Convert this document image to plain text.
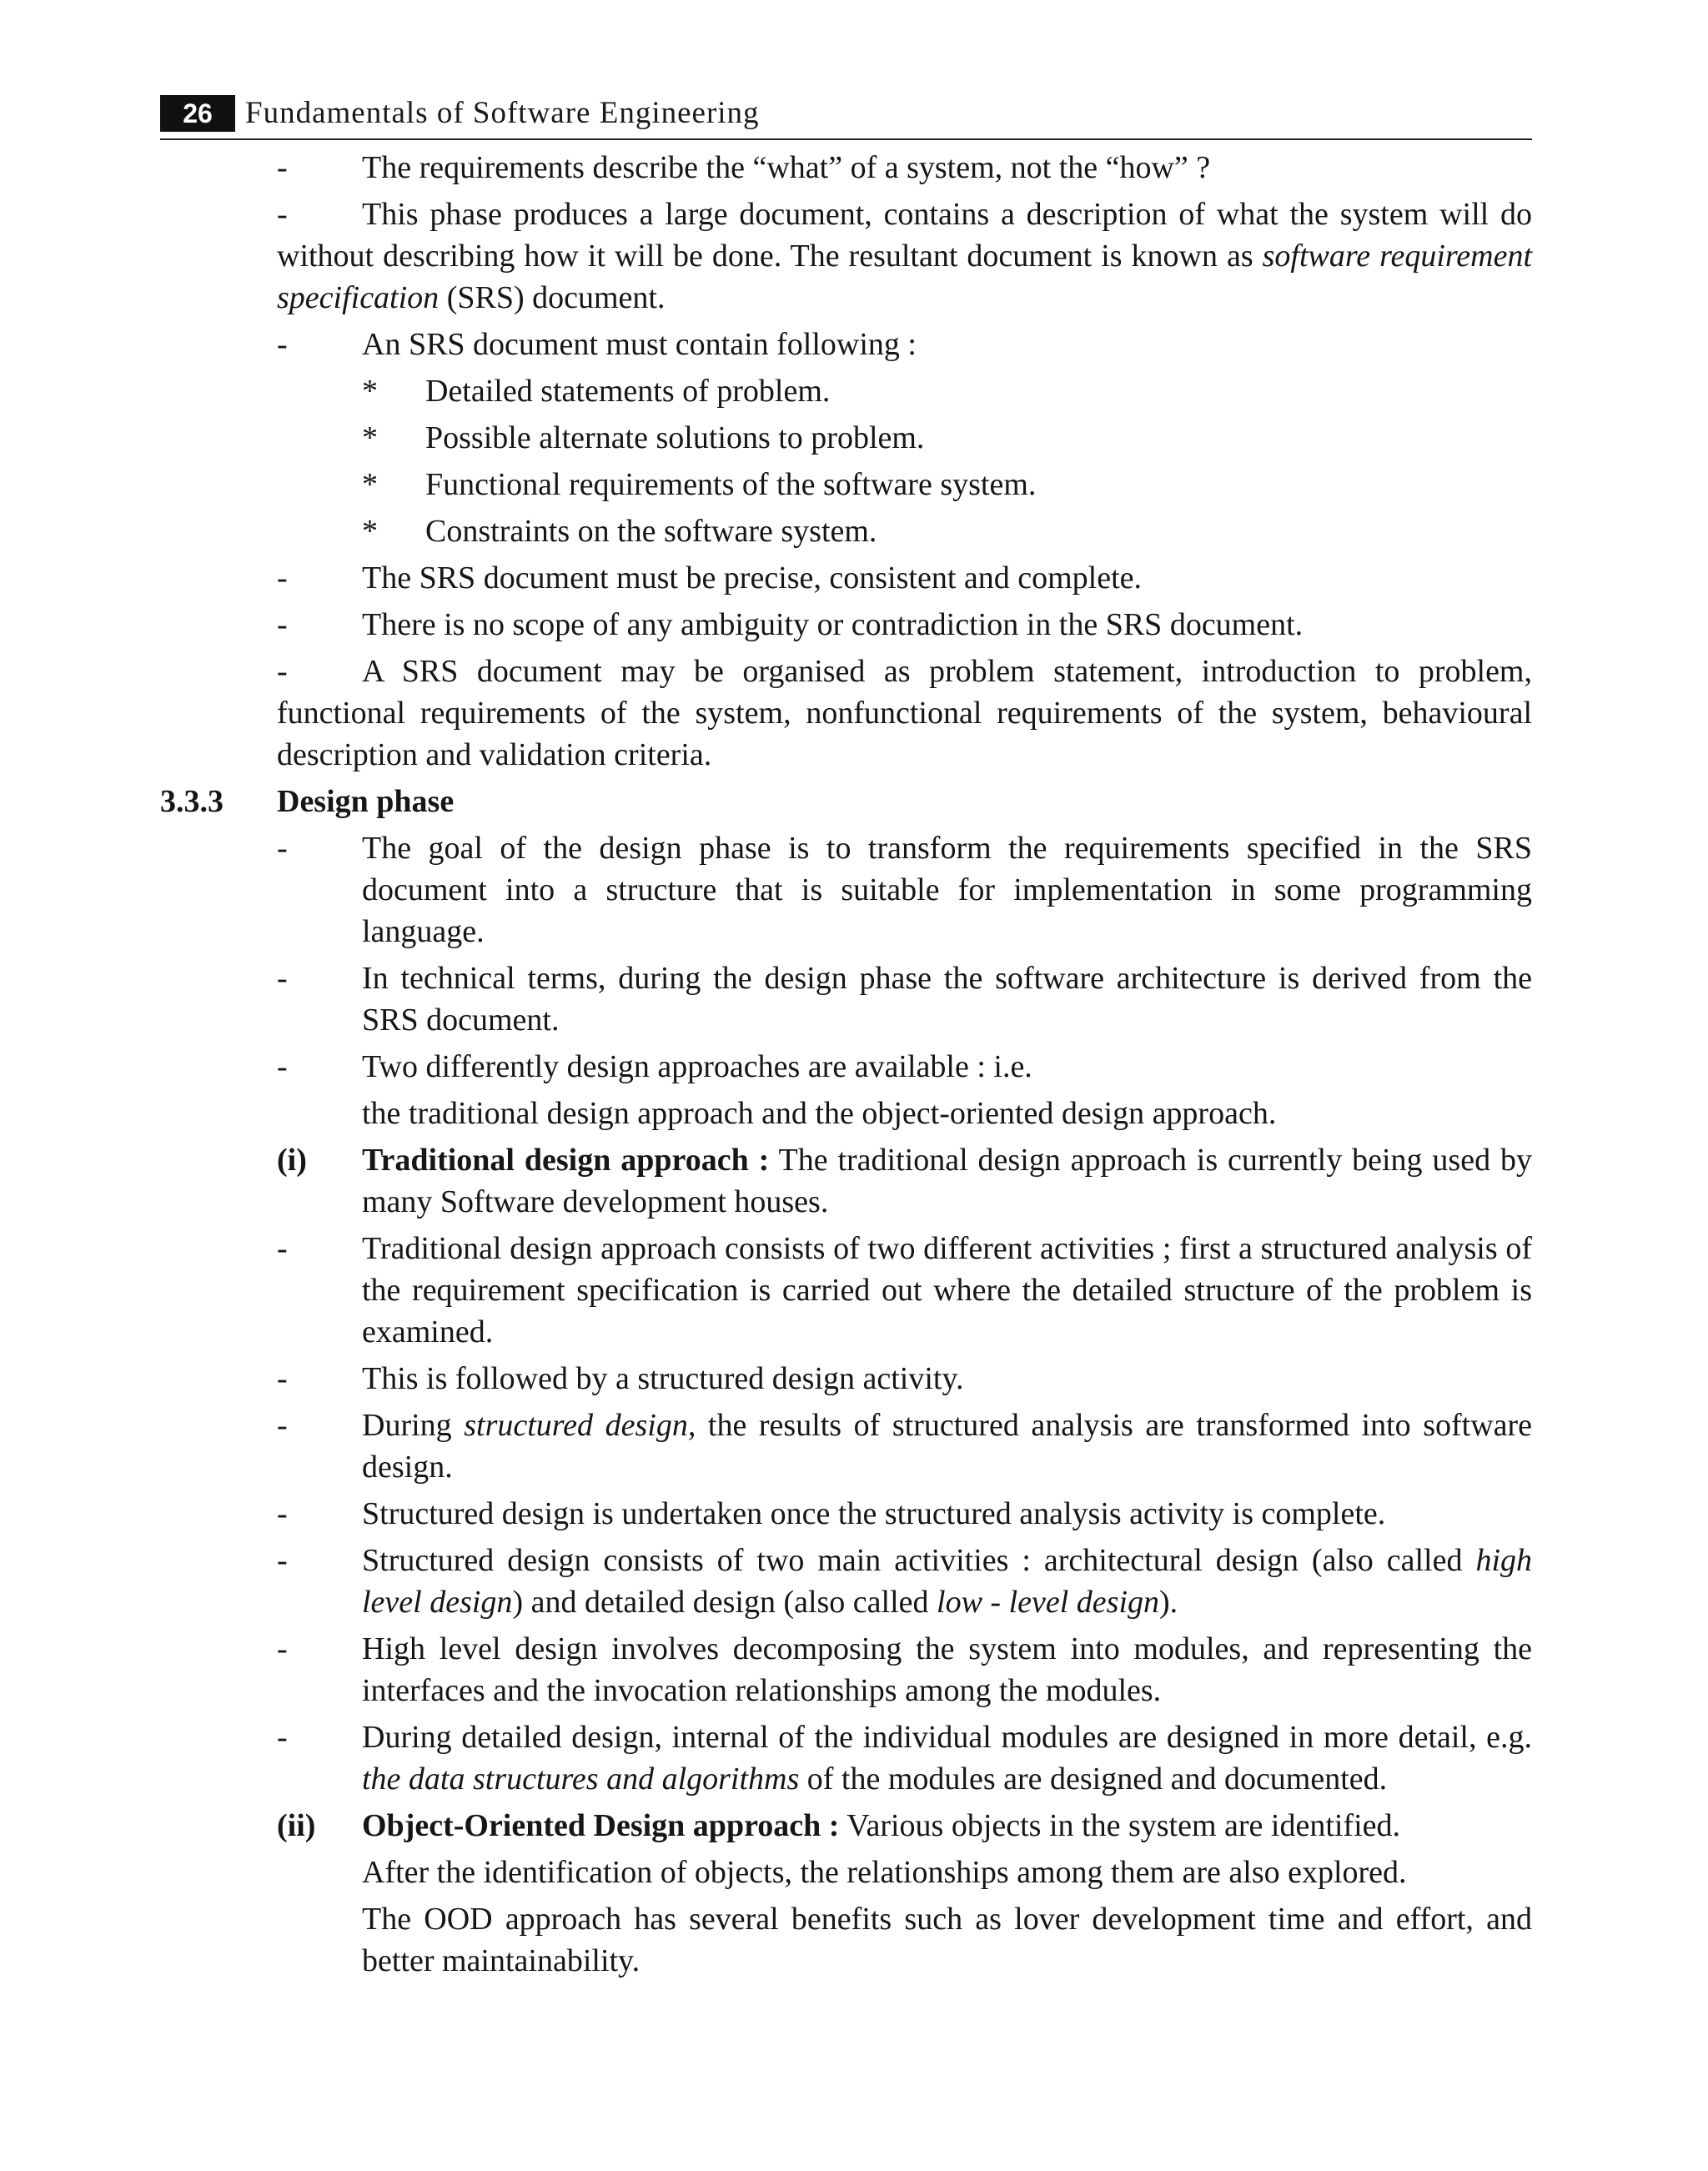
26	Fundamentals of Software Engineering
- The requirements describe the “what” of a system, not the “how” ?
-	This phase produces a large document, contains a description of what the system will do without describing how it will be done. The resultant document is known as software requirement specification (SRS) document.
- An SRS document must contain following :
* Detailed statements of problem.
* Possible alternate solutions to problem.
* Functional requirements of the software system.
* Constraints on the software system.
- The SRS document must be precise, consistent and complete.
- There is no scope of any ambiguity or contradiction in the SRS document.
-	A SRS document may be organised as problem statement, introduction to problem, functional requirements of the system, nonfunctional requirements of the system, behavioural description and validation criteria.
3.3.3 Design phase
- The goal of the design phase is to transform the requirements specified in the SRS document into a structure that is suitable for implementation in some programming language.
- In technical terms, during the design phase the software architecture is derived from the SRS document.
- Two differently design approaches are available : i.e.
the traditional design approach and the object-oriented design approach.
(i) Traditional design approach : The traditional design approach is currently being used by many Software development houses.
- Traditional design approach consists of two different activities ; first a structured analysis of the requirement specification is carried out where the detailed structure of the problem is examined.
- This is followed by a structured design activity.
- During structured design, the results of structured analysis are transformed into software design.
- Structured design is undertaken once the structured analysis activity is complete.
- Structured design consists of two main activities : architectural design (also called high level design) and detailed design (also called low - level design).
- High level design involves decomposing the system into modules, and representing the interfaces and the invocation relationships among the modules.
- During detailed design, internal of the individual modules are designed in more detail, e.g. the data structures and algorithms of the modules are designed and documented.
(ii) Object-Oriented Design approach : Various objects in the system are identified.
After the identification of objects, the relationships among them are also explored.
The OOD approach has several benefits such as lover development time and effort, and better maintainability.
